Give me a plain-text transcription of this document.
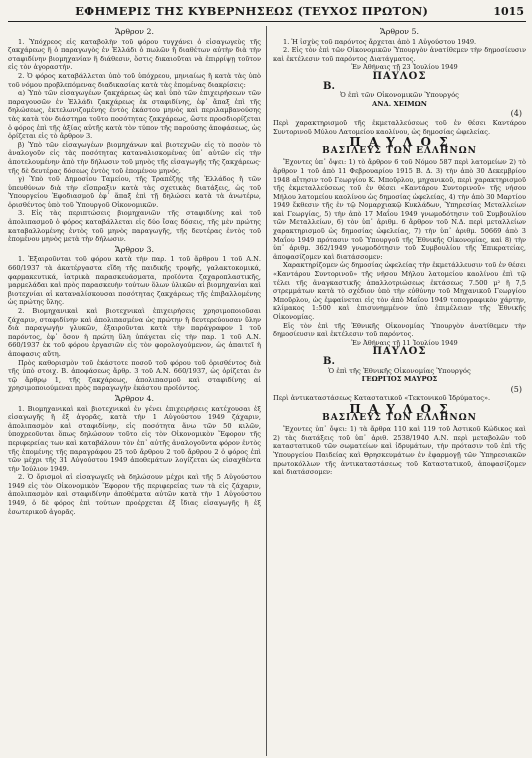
ΕΦΗΜΕΡΙΣ ΤΗΣ ΚΥΒΕΡΝΗΣΕΩΣ (ΤΕΥΧΟΣ ΠΡΩΤΟΝ)	1015
Ἄρθρον 2.

1. Ὑπόχρεος εἰς καταβολὴν τοῦ φόρου τυγχάνει ὁ εἰσαγωγεὺς τῆς ζακχάρεως ἢ ὁ παραγωγὸς ἐν Ἑλλάδι ὁ πωλῶν ἢ διαθέτων αὐτὴν διὰ τὴν σταφιδίνην βιομηχανίαν ἢ διάθεσιν, ὅστις δικαιοῦται νὰ ἐπιρρίψῃ τοῦτον εἰς τὸν ἀγοραστήν.

2. Ὁ φόρος καταβάλλεται ὑπὸ τοῦ ὑπόχρεου, μηνιαίως ἢ κατὰ τὰς ὑπὸ τοῦ νόμου προβλεπόμενας διαδικασίας κατὰ τὰς ἑπομένας διακρίσεις:

α) Ὑπὸ τῶν εἰσαγωγέων ζακχάρεως ὡς καὶ ὑπὸ τῶν ἐπιχειρήσεων τῶν παραγουσῶν ἐν Ἑλλάδι ζακχάρεως ἐκ σταφιδίνης, ἐφ᾽ ἅπαξ ἐπὶ τῆς δηλώσεως, ἐκτελωνιζομένης ἐντὸς ἑκάστου μηνὸς καὶ περιλαμβανούσης τὰς κατὰ τὸν διάστημα τοῦτο ποσότητας ζακχάρεως, ὥστε προσδιορίζεται ὁ φόρος ἐπὶ τῆς ἀξίας αὐτῆς κατὰ τὸν τύπον τῆς παρούσης ἀποφάσεως, ὡς ὁρίζεται εἰς τὸ ἄρθρον 3.

β) Ὑπὸ τῶν εἰσαγωγέων βιομηχάνων καὶ βιοτεχνῶν εἰς τὸ ποσὸν τὸ ἀναλογοῦν εἰς τὰς ποσότητας καταναλισκομένας ὑπ᾽ αὐτῶν εἰς τὴν ἀποτελουμένην ἀπὸ τὴν δήλωσιν τοῦ μηνὸς τῆς εἰσαγωγῆς τῆς ζακχάρεως· τῆς δὲ δευτέρας δόσεως ἐντὸς τοῦ ἑπομένου μηνός.

γ) Ὑπὸ τοῦ Δημοσίου Ταμείου, τῆς Τραπέζης τῆς Ἑλλάδος ἢ τῶν ὑπευθύνων διὰ τὴν εἴσπραξιν κατὰ τὰς σχετικὰς διατάξεις, ὡς τοῦ Ὑπουργείου Ἐφοδιασμοῦ ἐφ᾽ ἅπαξ ἐπὶ τῇ δηλώσει κατὰ τὰ ἀνωτέρω, ὁρισθέντος ὑπὸ τοῦ Ὑπουργοῦ Οἰκονομικῶν.

3. Εἰς τὰς περιπτώσεις βιομηχανιῶν τῆς σταφιδίνης καὶ τοῦ ἀπολιπασμοῦ ὁ φόρος καταβάλλεται εἰς δύο ἴσας δόσεις, τῆς μὲν πρώτης καταβαλλομένης ἐντὸς τοῦ μηνὸς παραγωγῆς, τῆς δευτέρας ἐντὸς τοῦ ἑπομένου μηνὸς μετὰ τὴν δήλωσιν.

Ἄρθρον 3.

1. Ἐξαιροῦνται τοῦ φόρου κατὰ τὴν παρ. 1 τοῦ ἄρθρου 1 τοῦ Α.Ν. 660/1937 τὰ ἀκατέργαστα εἴδη τῆς παιδικῆς τροφῆς, γαλακτοκομικά, φαρμακευτικά, ἰατρικὰ παρασκευάσματα, προϊόντα ζαχαροπλαστικῆς, μαρμελάδαι καὶ πρὸς παρασκευὴν τούτων ὅλων ὑλικῶν αἱ βιομηχανίαι καὶ βιοτεχνίαι αἱ καταναλίσκουσαι ποσότητας ζακχάρεως τῆς ἐπιβαλλομένης ὡς πρώτης ὕλης.

2. Βιομηχανικαὶ καὶ βιοτεχνικαὶ ἐπιχειρήσεις χρησιμοποιοῦσαι ζάχαριν, σταφιδίνην καὶ ἀπολιπασμένα ὡς πρώτην ἢ δευτερεύουσαν ὕλην διὰ παραγωγὴν γλυκῶν, ἐξαιροῦνται κατὰ τὴν παράγραφον 1 τοῦ παρόντος, ἐφ᾽ ὅσον ἡ πρώτη ὕλη ὑπάγεται εἰς τὴν παρ. 1 τοῦ Α.Ν. 660/1937 ἐκ τοῦ φόρου ἐργασιῶν εἰς τὸν φορολογούμενον, ὡς ἀπαιτεῖ ἡ ἀποφασις αὕτη.

Πρὸς καθορισμὸν τοῦ ἑκάστοτε ποσοῦ τοῦ φόρου τοῦ ὁρισθέντος διὰ τῆς ὑπὸ στοιχ. Β. ἀποφάσεως ἄρθρ. 3 τοῦ Α.Ν. 660/1937, ὡς ὁρίζεται ἐν τῷ ἄρθρῳ 1, τῆς ζακχάρεως, ἀπολιπασμοῦ καὶ σταφιδίνης αἱ χρησιμοποιούμεναι πρὸς παραγωγὴν ἑκάστου προϊόντος.

Ἄρθρον 4.

1. Βιομηχανικαὶ καὶ βιοτεχνικαὶ ἐν γένει ἐπιχειρήσεις κατέχουσαι ἐξ εἰσαγωγῆς ἢ ἐξ ἀγορᾶς, κατὰ τὴν 1 Αὐγούστου 1949 ζάχαριν, ἀπολιπασμὸν καὶ σταφιδίνην, εἰς ποσότητα ἄνω τῶν 50 κιλῶν, ὑποχρεοῦνται ὅπως δηλώσουν τοῦτο εἰς τὸν Οἰκονομικὸν Ἔφορον τῆς περιφερείας των καὶ καταβάλουν τὸν ἐπ᾽ αὐτῆς ἀναλογοῦντα φόρον ἐντὸς τῆς ἑπομένης τῆς παραγράφου 25 τοῦ ἄρθρου 2 τοῦ ἄρθρου 2 ὁ φόρος ἐπὶ τῶν μέχρι τῆς 31 Αὐγούστου 1949 ἀποθεμάτων λογίζεται ὡς εἰσαχθέντα τὴν Ἰούλιον 1949.

2. Ὁ ὄρισμοὶ αἱ εἰσαγωγεῖς νὰ δηλώσουν μέχρι καὶ τῆς 5 Αὐγούστου 1949 εἰς τὸν Οἰκονομικὸν Ἔφορον τῆς περιφερείας των τὰ εἰς ζάχαριν, ἀπολιπασμὸν καὶ σταφιδίνην ἀποθέματα αὐτῶν κατὰ τὴν 1 Αὐγούστου 1949, ὁ δὲ φόρος ἐπὶ τούτων προέρχεται ἐξ ἴδιας εἰσαγωγῆς ἢ ἐξ ἐσωτερικοῦ ἀγορᾶς.

Ἄρθρον 5.

1. Ἡ ἰσχὺς τοῦ παρόντος ἄρχεται ἀπὸ 1 Αὐγούστου 1949.

2. Εἰς τὸν ἐπὶ τῶν Οἰκονομικῶν Ὑπουργὸν ἀνατίθεμεν τὴν δημοσίευσιν καὶ ἐκτέλεσιν τοῦ παρόντος Διατάγματος.

Ἐν Ἀθήναις τῇ 23 Ἰουλίου 1949

ΠΑΥΛΟΣ
Β.
Ὁ ἐπὶ τῶν Οἰκονομικῶν Ὑπουργός
ΑΝΔ. ΧΕΙΜΩΝ
(4)

Περὶ χαρακτηρισμοῦ τῆς ἐκμεταλλεύσεως τοῦ ἐν θέσει Καντάρου Συντορινοῦ Μύλου Λατομείου καολίνου, ὡς δημοσίας ὠφελείας.

Π Α Υ Λ Ο Σ
ΒΑΣΙΛΕΥΣ ΤΩΝ ΕΛΛΗΝΩΝ

Ἔχοντες ὑπ᾽ ὄψει: 1) τὸ ἄρθρον 6 τοῦ Νόμου 587 περὶ λατομείων 2) τὸ ἄρθρον 1 τοῦ ἀπὸ 11 Φεβρουαρίου 1915 Β. Δ. 3) τὴν ἀπὸ 30 Δεκεμβρίου 1948 αἴτησιν τοῦ Γεωργίου Κ. Μποῦρλου, μηχανικοῦ, περὶ χαρακτηρισμοῦ τῆς ἐκμεταλλεύσεως τοῦ ἐν θέσει «Καντάρου Συντορινοῦ» τῆς νήσου Μήλου λατομείου καολίνου ὡς δημοσίας ὠφελείας, 4) τὴν ἀπὸ 30 Μαρτίου 1949 ἔκθεσιν τῆς ἐν τῷ Νομαρχιακῷ Κυκλάδων, Ὑπηρεσίας Μεταλλείων καὶ Γεωργίας, 5) τὴν ἀπὸ 17 Μαΐου 1949 γνωμοδότησιν τοῦ Συμβουλίου τῶν Μεταλλείων, 6) τὸν ὑπ᾽ ἀριθμ. 6 ἄρθρον τοῦ N.Δ. περὶ μεταλλείων χαρακτηρισμοῦ ὡς δημοσίας ὠφελείας, 7) τὴν ὑπ᾽ ἀριθμ. 50669 ἀπὸ 3 Μαΐου 1949 πρότασιν τοῦ Ὑπουργοῦ τῆς Ἐθνικῆς Οἰκονομίας, καὶ 8) τὴν ὑπ᾽ ἀριθμ. 362/1949 γνωμοδότησιν τοῦ Συμβουλίου τῆς Ἐπικρατείας, ἀποφασίζομεν καὶ διατάσσομεν:

Χαρακτηρίζομεν ὡς δημοσίας ὠφελείας τὴν ἐκμετάλλευσιν τοῦ ἐν θέσει «Καντάρου Συντορινοῦ» τῆς νήσου Μήλου λατομείου καολίνου ἐπὶ τῷ τέλει τῆς ἀναγκαστικῆς ἀπαλλοτριώσεως ἐκτάσεως 7.500 μ² ἢ 7,5 στρεμμάτων κατὰ τὸ σχέδιον ὑπὸ τὴν εὐθύνην τοῦ Μηχανικοῦ Γεωργίου Μποῦρλου, ὡς ἐμφαίνεται εἰς τὸν ἀπὸ Μαΐου 1949 τοπογραφικὸν χάρτην, κλίμακος 1:500 καὶ ἐπισυνημμένον ὑπὸ ἐπιμέλειαν τῆς Ἐθνικῆς Οἰκονομίας.

Εἰς τὸν ἐπὶ τῆς Ἐθνικῆς Οἰκονομίας Ὑπουργὸν ἀνατίθεμεν τὴν δημοσίευσιν καὶ ἐκτέλεσιν τοῦ παρόντος.

Ἐν Ἀθήναις τῇ 11 Ἰουλίου 1949

ΠΑΥΛΟΣ
Β.
Ὁ ἐπὶ τῆς Ἐθνικῆς Οἰκονομίας Ὑπουργός
ΓΕΩΡΓΙΟΣ ΜΑΥΡΟΣ
(5)

Περὶ ἀντικαταστάσεως Καταστατικοῦ «Τεκτονικοῦ Ἰδρύματος».

Π Α Υ Λ Ο Σ
ΒΑΣΙΛΕΥΣ ΤΩΝ ΕΛΛΗΝΩΝ

Ἔχοντες ὑπ᾽ ὄψει: 1) τὰ ἄρθρα 110 καὶ 119 τοῦ Ἀστικοῦ Κώδικος καὶ 2) τὰς διατάξεις τοῦ ὑπ᾽ ἀριθ. 2538/1940 Α.Ν. περὶ μεταβολῶν τοῦ καταστατικοῦ τῶν σωματείων καὶ ἰδρυμάτων, τὴν πρότασιν τοῦ ἐπὶ τῆς Ὑπουργείου Παιδείας καὶ Θρησκευμάτων ἐν ἐφαρμογῇ τῶν Ὑπηρεσιακῶν πρωτοκόλλων τῆς ἀντικαταστάσεως τοῦ Καταστατικοῦ, ἀποφασίζομεν καὶ διατάσσομεν:
